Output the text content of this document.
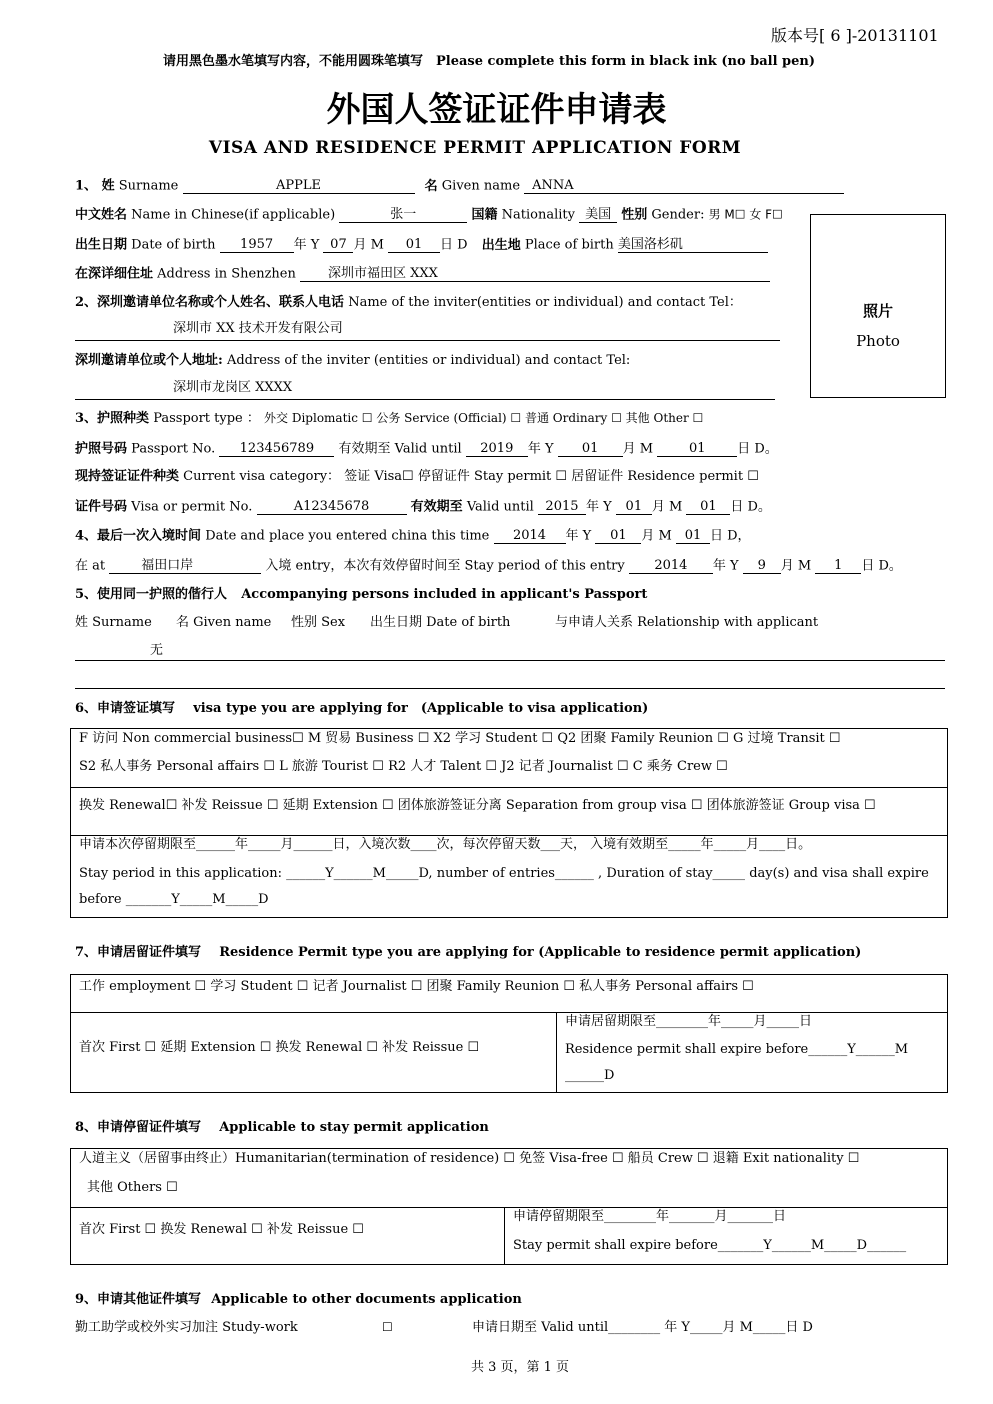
版本号[ 6 ]-20131101
请用黑色墨水笔填写内容，不能用圆珠笔填写　Please complete this form in black ink (no ball pen)
外国人签证证件申请表
VISA AND RESIDENCE PERMIT APPLICATION FORM
照片
Photo
1、 姓 Surname	APPLE	名 Given name ANNA
中文姓名 Name in Chinese(if applicable)	张一	国籍 Nationality 美国 性别 Gender: 男 M☐ 女 F☐
出生日期 Date of birth 1957 年 Y 07 月 M 01 日 D 出生地 Place of birth 美国洛杉矶
在深详细住址 Address in Shenzhen 深圳市福田区 XXX
2、深圳邀请单位名称或个人姓名、联系人电话 Name of the inviter(entities or individual) and contact Tel：
深圳市 XX 技术开发有限公司
深圳邀请单位或个人地址: Address of the inviter (entities or individual) and contact Tel:
深圳市龙岗区 XXXX
3、护照种类 Passport type ： 外交 Diplomatic ☐ 公务 Service (Official) ☐ 普通 Ordinary ☐ 其他 Other ☐
护照号码 Passport No. 123456789 有效期至 Valid until 2019 年 Y 01 月 M	01 日 D。
现持签证证件种类 Current visa category： 签证 Visa☐ 停留证件 Stay permit ☐ 居留证件 Residence permit ☐
证件号码 Visa or permit No.	A12345678	有效期至 Valid until 2015 年 Y 01 月 M 01 日 D。
4、最后一次入境时间 Date and place you entered china this time 2014 年 Y 01 月 M 01 日 D，
在 at	福田口岸	入境 entry，本次有效停留时间至 Stay period of this entry 2014 年 Y 9 月 M 1 日 D。
5、使用同一护照的偕行人 Accompanying persons included in applicant's Passport
姓 Surname 名 Given name 性别 Sex 出生日期 Date of birth	与申请人关系 Relationship with applicant
无
6、申请签证填写 visa type you are applying for　(Applicable to visa application)
F 访问 Non commercial business☐ M 贸易 Business ☐ X2 学习 Student ☐ Q2 团聚 Family Reunion ☐ G 过境 Transit ☐
S2 私人事务 Personal affairs ☐ L 旅游 Tourist ☐ R2 人才 Talent ☐ J2 记者 Journalist ☐ C 乘务 Crew ☐
换发 Renewal☐ 补发 Reissue ☐ 延期 Extension ☐ 团体旅游签证分离 Separation from group visa ☐ 团体旅游签证 Group visa ☐
申请本次停留期限至______年_____月______日，入境次数____次，每次停留天数___天， 入境有效期至_____年_____月____日。
Stay period in this application: ______Y______M_____D, number of entries______ , Duration of stay_____ day(s) and visa shall expire
before _______Y_____M_____D
7、申请居留证件填写 Residence Permit type you are applying for (Applicable to residence permit application)
工作 employment ☐ 学习 Student ☐ 记者 Journalist ☐ 团聚 Family Reunion ☐ 私人事务 Personal affairs ☐
首次 First ☐ 延期 Extension ☐ 换发 Renewal ☐ 补发 Reissue ☐
申请居留期限至________年_____月_____日
Residence permit shall expire before______Y______M
______D
8、申请停留证件填写 Applicable to stay permit application
人道主义（居留事由终止）Humanitarian(termination of residence) ☐ 免签 Visa-free ☐ 船员 Crew ☐ 退籍 Exit nationality ☐
其他 Others ☐
首次 First ☐ 换发 Renewal ☐ 补发 Reissue ☐
申请停留期限至________年_______月_______日
Stay permit shall expire before_______Y______M_____D______
9、申请其他证件填写 Applicable to other documents application
勤工助学或校外实习加注 Study-work	☐	申请日期至 Valid until________ 年 Y_____月 M_____日 D
共 3 页，第 1 页
